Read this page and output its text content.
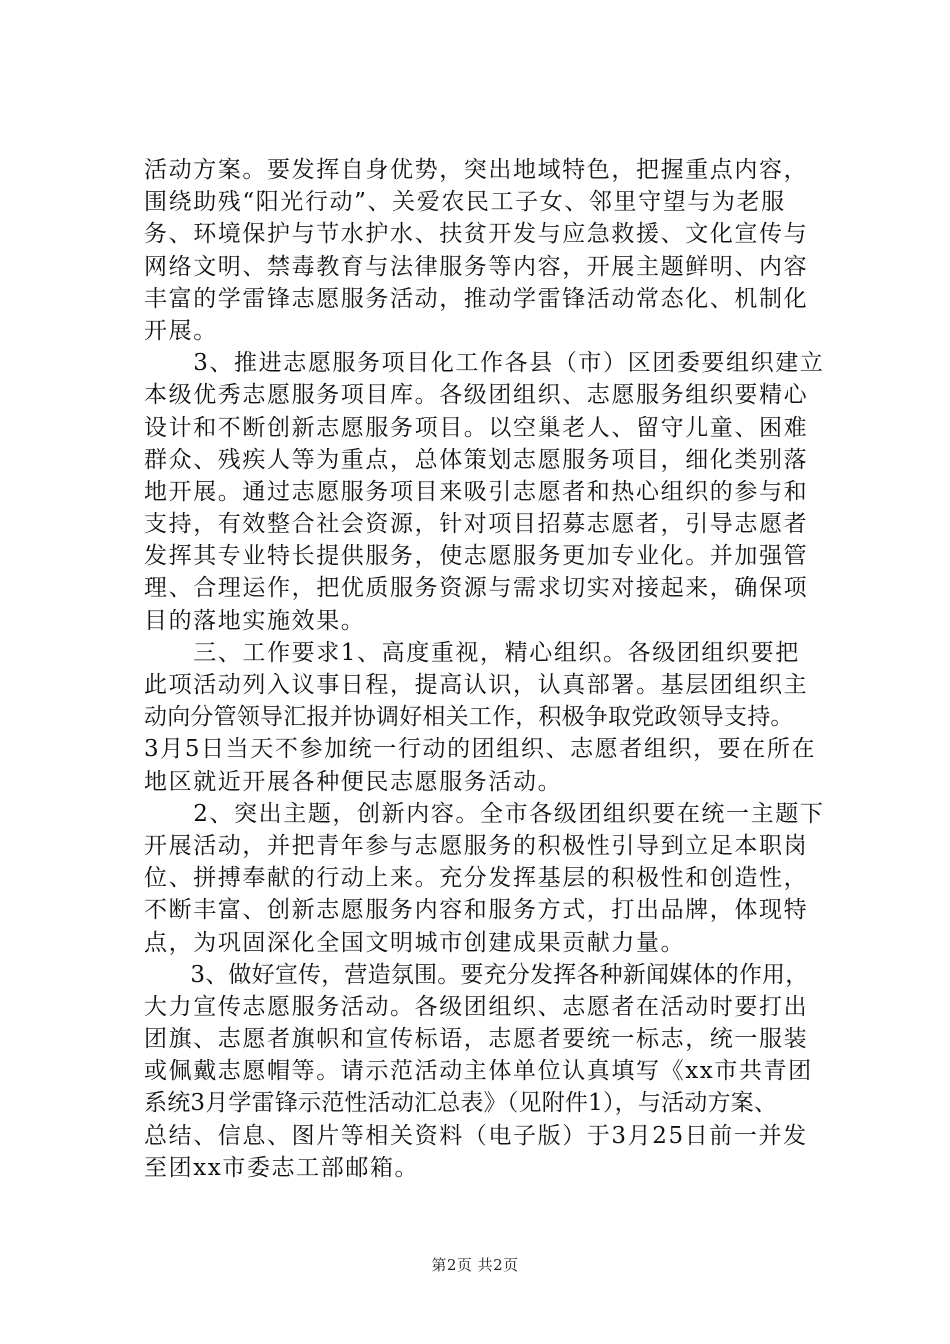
活动方案。要发挥自身优势，突出地域特色，把握重点内容，
围绕助残“阳光行动”、关爱农民工子女、邻里守望与为老服
务、环境保护与节水护水、扶贫开发与应急救援、文化宣传与
网络文明、禁毒教育与法律服务等内容，开展主题鲜明、内容
丰富的学雷锋志愿服务活动，推动学雷锋活动常态化、机制化
开展。
　　3、推进志愿服务项目化工作各县（市）区团委要组织建立
本级优秀志愿服务项目库。各级团组织、志愿服务组织要精心
设计和不断创新志愿服务项目。以空巢老人、留守儿童、困难
群众、残疾人等为重点，总体策划志愿服务项目，细化类别落
地开展。通过志愿服务项目来吸引志愿者和热心组织的参与和
支持，有效整合社会资源，针对项目招募志愿者，引导志愿者
发挥其专业特长提供服务，使志愿服务更加专业化。并加强管
理、合理运作，把优质服务资源与需求切实对接起来，确保项
目的落地实施效果。
　　三、工作要求1、高度重视，精心组织。各级团组织要把
此项活动列入议事日程，提高认识，认真部署。基层团组织主
动向分管领导汇报并协调好相关工作，积极争取党政领导支持。
3月5日当天不参加统一行动的团组织、志愿者组织，要在所在
地区就近开展各种便民志愿服务活动。
　　2、突出主题，创新内容。全市各级团组织要在统一主题下
开展活动，并把青年参与志愿服务的积极性引导到立足本职岗
位、拼搏奉献的行动上来。充分发挥基层的积极性和创造性，
不断丰富、创新志愿服务内容和服务方式，打出品牌，体现特
点，为巩固深化全国文明城市创建成果贡献力量。
　　3、做好宣传，营造氛围。要充分发挥各种新闻媒体的作用，
大力宣传志愿服务活动。各级团组织、志愿者在活动时要打出
团旗、志愿者旗帜和宣传标语，志愿者要统一标志，统一服装
或佩戴志愿帽等。请示范活动主体单位认真填写《xx市共青团
系统3月学雷锋示范性活动汇总表》（见附件1），与活动方案、
总结、信息、图片等相关资料（电子版）于3月25日前一并发
至团xx市委志工部邮箱。
第2页 共2页
